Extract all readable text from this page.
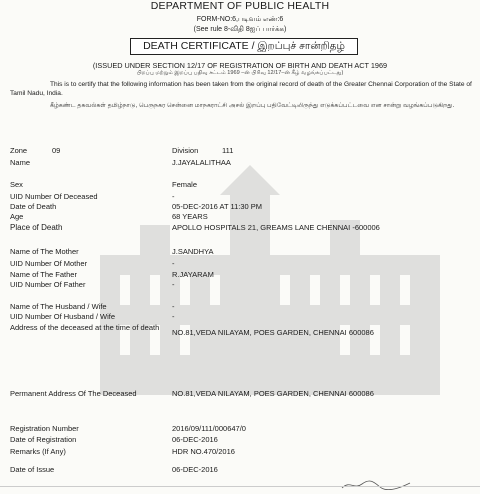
DEPARTMENT OF PUBLIC HEALTH
FORM-NO:6,படிவம் எண்:6
(See rule 8-விதி 8ஐப் பார்க்க)
DEATH CERTIFICATE / இறப்புச் சான்றிதழ்
(ISSUED UNDER SECTION 12/17 OF REGISTRATION OF BIRTH AND DEATH ACT 1969
பிறப்பு மற்றும் இறப்பு பதிவு சட்டம் 1969 –ன் பிரிவு 12/17–ன் கீழ் வழங்கப்பட்டது)
This is to certify that the following information has been taken from the original record of death of the Greater Chennai Corporation of the State of Tamil Nadu, India.
கீழ்கண்ட தகவல்கள் தமிழ்நாடு, பெருநகர சென்னை மாநகராட்சி அசல் இறப்பு பதிவேட்டிலிருந்து எடுக்கப்பட்டவை என சான்று வழங்கப்படுகிறது.
Zone	09	Division	111
Name	J.JAYALALITHAA
Sex	Female
UID Number Of Deceased	-
Date of Death	05-DEC-2016 AT 11:30 PM
Age	68 YEARS
Place of Death	APOLLO HOSPITALS 21, GREAMS LANE CHENNAI -600006
Name of The Mother	J.SANDHYA
UID Number Of Mother	-
Name of The Father	R.JAYARAM
UID Number Of Father	-
Name of The Husband / Wife	-
UID Number Of Husband / Wife	-
Address of the deceased at the time of death
NO.81,VEDA NILAYAM, POES GARDEN, CHENNAI 600086
Permanent Address Of The Deceased	NO.81,VEDA NILAYAM, POES GARDEN, CHENNAI 600086
Registration Number	2016/09/111/000647/0
Date of Registration	06-DEC-2016
Remarks (If Any)	HDR NO.470/2016
Date of Issue	06-DEC-2016
